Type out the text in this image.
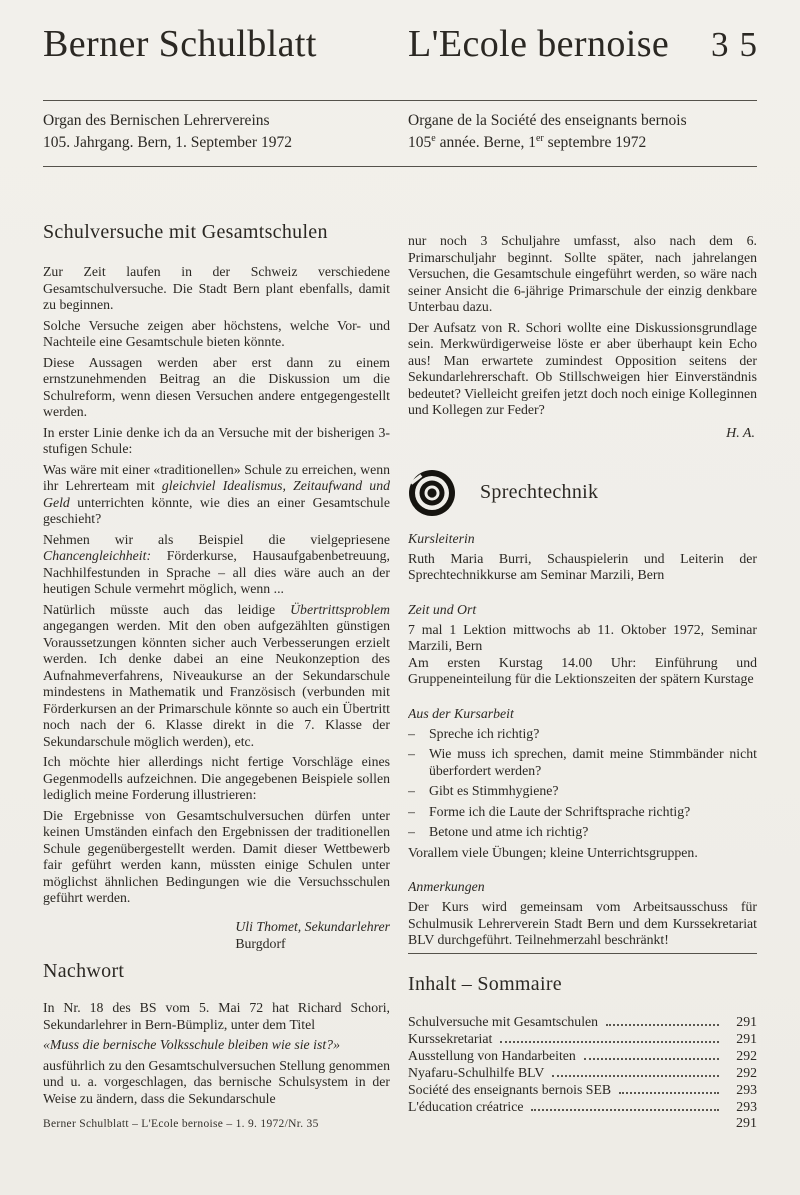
Berner Schulblatt	L'Ecole bernoise 35
Organ des Bernischen Lehrervereins
105. Jahrgang. Bern, 1. September 1972
Organe de la Société des enseignants bernois
105e année. Berne, 1er septembre 1972
Schulversuche mit Gesamtschulen

Zur Zeit laufen in der Schweiz verschiedene Gesamtschulversuche. Die Stadt Bern plant ebenfalls, damit zu beginnen.

Solche Versuche zeigen aber höchstens, welche Vor- und Nachteile eine Gesamtschule bieten könnte.

Diese Aussagen werden aber erst dann zu einem ernstzunehmenden Beitrag an die Diskussion um die Schulreform, wenn diesen Versuchen andere entgegengestellt werden.

In erster Linie denke ich da an Versuche mit der bisherigen 3-stufigen Schule:

Was wäre mit einer «traditionellen» Schule zu erreichen, wenn ihr Lehrerteam mit gleichviel Idealismus, Zeitaufwand und Geld unterrichten könnte, wie dies an einer Gesamtschule geschieht?

Nehmen wir als Beispiel die vielgepriesene Chancengleichheit: Förderkurse, Hausaufgabenbetreuung, Nachhilfestunden in Sprache – all dies wäre auch an der heutigen Schule vermehrt möglich, wenn ...

Natürlich müsste auch das leidige Übertrittsproblem angegangen werden. Mit den oben aufgezählten günstigen Voraussetzungen könnten sicher auch Verbesserungen erzielt werden. Ich denke dabei an eine Neukonzeption des Aufnahmeverfahrens, Niveaukurse an der Sekundarschule mindestens in Mathematik und Französisch (verbunden mit Förderkursen an der Primarschule könnte so auch ein Übertritt noch nach der 6. Klasse direkt in die 7. Klasse der Sekundarschule möglich werden), etc.

Ich möchte hier allerdings nicht fertige Vorschläge eines Gegenmodells aufzeichnen. Die angegebenen Beispiele sollen lediglich meine Forderung illustrieren:

Die Ergebnisse von Gesamtschulversuchen dürfen unter keinen Umständen einfach den Ergebnissen der traditionellen Schule gegenübergestellt werden. Damit dieser Wettbewerb fair geführt werden kann, müssten einige Schulen unter möglichst ähnlichen Bedingungen wie die Versuchsschulen geführt werden.

Uli Thomet, Sekundarlehrer
Burgdorf
Nachwort

In Nr. 18 des BS vom 5. Mai 72 hat Richard Schori, Sekundarlehrer in Bern-Bümpliz, unter dem Titel

«Muss die bernische Volksschule bleiben wie sie ist?»

ausführlich zu den Gesamtschulversuchen Stellung genommen und u. a. vorgeschlagen, das bernische Schulsystem in der Weise zu ändern, dass die Sekundarschule

nur noch 3 Schuljahre umfasst, also nach dem 6. Primarschuljahr beginnt. Sollte später, nach jahrelangen Versuchen, die Gesamtschule eingeführt werden, so wäre nach seiner Ansicht die 6-jährige Primarschule der einzig denkbare Unterbau dazu.

Der Aufsatz von R. Schori wollte eine Diskussionsgrundlage sein. Merkwürdigerweise löste er aber überhaupt kein Echo aus! Man erwartete zumindest Opposition seitens der Sekundarlehrerschaft. Ob Stillschweigen hier Einverständnis bedeutet? Vielleicht greifen jetzt doch noch einige Kolleginnen und Kollegen zur Feder?

H. A.
Sprechtechnik
Kursleiterin

Ruth Maria Burri, Schauspielerin und Leiterin der Sprechtechnikkurse am Seminar Marzili, Bern

Zeit und Ort

7 mal 1 Lektion mittwochs ab 11. Oktober 1972, Seminar Marzili, Bern

Am ersten Kurstag 14.00 Uhr: Einführung und Gruppeneinteilung für die Lektionszeiten der spätern Kurstage

Aus der Kursarbeit
–	Spreche ich richtig?
–	Wie muss ich sprechen, damit meine Stimmbänder nicht überfordert werden?
–	Gibt es Stimmhygiene?
–	Forme ich die Laute der Schriftsprache richtig?
–	Betone und atme ich richtig?

Vorallem viele Übungen; kleine Unterrichtsgruppen.

Anmerkungen

Der Kurs wird gemeinsam vom Arbeitsausschuss für Schulmusik Lehrerverein Stadt Bern und dem Kurssekretariat BLV durchgeführt. Teilnehmerzahl beschränkt!

Inhalt – Sommaire
Schulversuche mit Gesamtschulen	291
Kurssekretariat	291
Ausstellung von Handarbeiten	292
Nyafaru-Schulhilfe BLV	292
Société des enseignants bernois SEB	293
L'éducation créatrice	293
Berner Schulblatt – L'Ecole bernoise – 1. 9. 1972/Nr. 35	291
